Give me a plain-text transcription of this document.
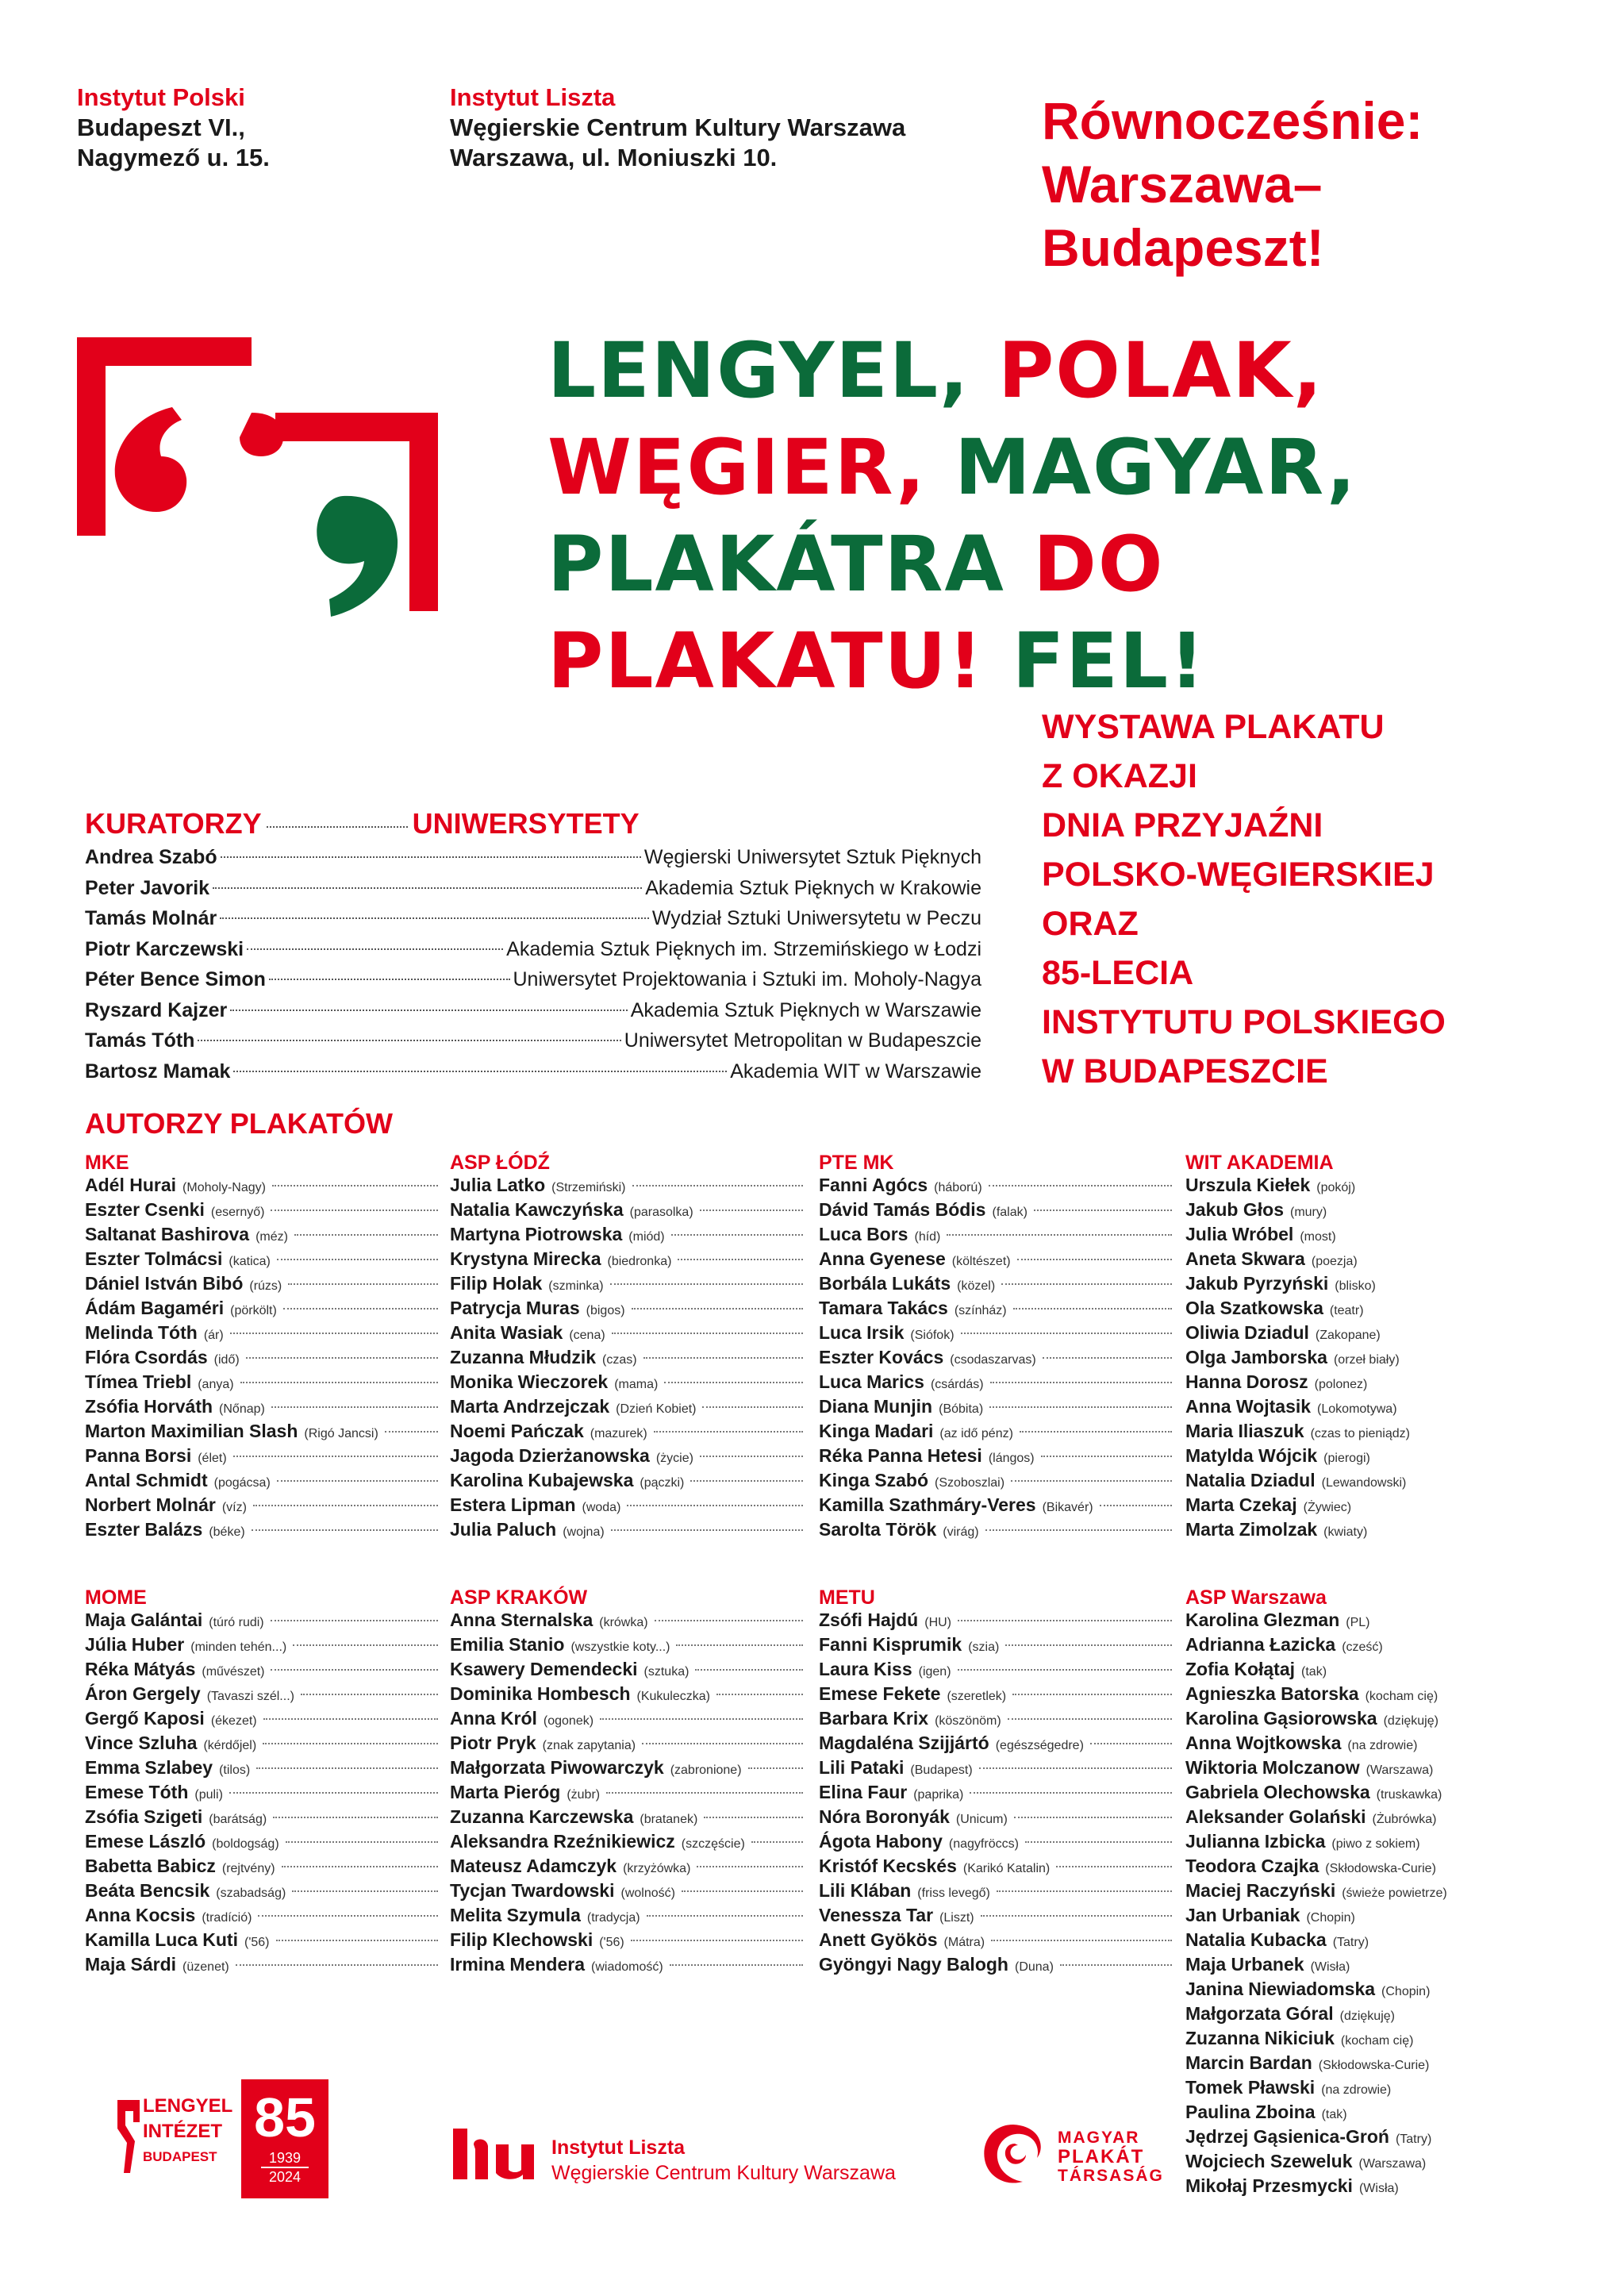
Instytut Polski
Budapeszt VI.,
Nagymező u. 15.
Instytut Liszta
Węgierskie Centrum Kultury Warszawa
Warszawa, ul. Moniuszki 10.
Równocześnie:
Warszawa–
Budapeszt!
LENGYEL, POLAK,
WĘGIER, MAGYAR,
PLAKÁTRA DO
PLAKATU! FEL!
WYSTAWA PLAKATU
Z OKAZJI
DNIA PRZYJAŹNI
POLSKO-WĘGIERSKIEJ
ORAZ
85-LECIA
INSTYTUTU POLSKIEGO
W BUDAPESZCIE
KURATORZY	UNIWERSYTETY
Andrea Szabó	Węgierski Uniwersytet Sztuk Pięknych
Peter Javorik	Akademia Sztuk Pięknych w Krakowie
Tamás Molnár	Wydział Sztuki Uniwersytetu w Peczu
Piotr Karczewski	Akademia Sztuk Pięknych im. Strzemińskiego w Łodzi
Péter Bence Simon	Uniwersytet Projektowania i Sztuki im. Moholy-Nagya
Ryszard Kajzer	Akademia Sztuk Pięknych w Warszawie
Tamás Tóth	Uniwersytet Metropolitan w Budapeszcie
Bartosz Mamak	Akademia WIT w Warszawie
AUTORZY PLAKATÓW
MKE
Adél Hurai (Moholy-Nagy)
Eszter Csenki (esernyő)
Saltanat Bashirova (méz)
Eszter Tolmácsi (katica)
Dániel István Bibó (rúzs)
Ádám Bagaméri (pörkölt)
Melinda Tóth (ár)
Flóra Csordás (idő)
Tímea Triebl (anya)
Zsófia Horváth (Nőnap)
Marton Maximilian Slash (Rigó Jancsi)
Panna Borsi (élet)
Antal Schmidt (pogácsa)
Norbert Molnár (víz)
Eszter Balázs (béke)
ASP ŁÓDŹ
Julia Latko (Strzemiński)
Natalia Kawczyńska (parasolka)
Martyna Piotrowska (miód)
Krystyna Mirecka (biedronka)
Filip Holak (szminka)
Patrycja Muras (bigos)
Anita Wasiak (cena)
Zuzanna Młudzik (czas)
Monika Wieczorek (mama)
Marta Andrzejczak (Dzień Kobiet)
Noemi Pańczak (mazurek)
Jagoda Dzierżanowska (życie)
Karolina Kubajewska (pączki)
Estera Lipman (woda)
Julia Paluch (wojna)
PTE MK
Fanni Agócs (háború)
Dávid Tamás Bódis (falak)
Luca Bors (híd)
Anna Gyenese (költészet)
Borbála Lukáts (közel)
Tamara Takács (színház)
Luca Irsik (Siófok)
Eszter Kovács (csodaszarvas)
Luca Marics (csárdás)
Diana Munjin (Bóbita)
Kinga Madari (az idő pénz)
Réka Panna Hetesi (lángos)
Kinga Szabó (Szoboszlai)
Kamilla Szathmáry-Veres (Bikavér)
Sarolta Török (virág)
WIT AKADEMIA
Urszula Kiełek (pokój)
Jakub Głos (mury)
Julia Wróbel (most)
Aneta Skwara (poezja)
Jakub Pyrzyński (blisko)
Ola Szatkowska (teatr)
Oliwia Dziadul (Zakopane)
Olga Jamborska (orzeł biały)
Hanna Dorosz (polonez)
Anna Wojtasik (Lokomotywa)
Maria Iliaszuk (czas to pieniądz)
Matylda Wójcik (pierogi)
Natalia Dziadul (Lewandowski)
Marta Czekaj (Żywiec)
Marta Zimolzak (kwiaty)
MOME
Maja Galántai (túró rudi)
Júlia Huber (minden tehén...)
Réka Mátyás (művészet)
Áron Gergely (Tavaszi szél...)
Gergő Kaposi (ékezet)
Vince Szluha (kérdőjel)
Emma Szlabey (tilos)
Emese Tóth (puli)
Zsófia Szigeti (barátság)
Emese László (boldogság)
Babetta Babicz (rejtvény)
Beáta Bencsik (szabadság)
Anna Kocsis (tradíció)
Kamilla Luca Kuti ('56)
Maja Sárdi (üzenet)
ASP KRAKÓW
Anna Sternalska (krówka)
Emilia Stanio (wszystkie koty...)
Ksawery Demendecki (sztuka)
Dominika Hombesch (Kukuleczka)
Anna Król (ogonek)
Piotr Pryk (znak zapytania)
Małgorzata Piwowarczyk (zabronione)
Marta Pieróg (żubr)
Zuzanna Karczewska (bratanek)
Aleksandra Rzeźnikiewicz (szczęście)
Mateusz Adamczyk (krzyżówka)
Tycjan Twardowski (wolność)
Melita Szymula (tradycja)
Filip Klechowski ('56)
Irmina Mendera (wiadomość)
METU
Zsófi Hajdú (HU)
Fanni Kisprumik (szia)
Laura Kiss (igen)
Emese Fekete (szeretlek)
Barbara Krix (köszönöm)
Magdaléna Szijjártó (egészségedre)
Lili Pataki (Budapest)
Elina Faur (paprika)
Nóra Boronyák (Unicum)
Ágota Habony (nagyfröccs)
Kristóf Kecskés (Karikó Katalin)
Lili Klában (friss levegő)
Venessza Tar (Liszt)
Anett Gyökös (Mátra)
Gyöngyi Nagy Balogh (Duna)
ASP Warszawa
Karolina Glezman (PL)
Adrianna Łazicka (cześć)
Zofia Kołątaj (tak)
Agnieszka Batorska (kocham cię)
Karolina Gąsiorowska (dziękuję)
Anna Wojtkowska (na zdrowie)
Wiktoria Molczanow (Warszawa)
Gabriela Olechowska (truskawka)
Aleksander Golański (Żubrówka)
Julianna Izbicka (piwo z sokiem)
Teodora Czajka (Skłodowska-Curie)
Maciej Raczyński (świeże powietrze)
Jan Urbaniak (Chopin)
Natalia Kubacka (Tatry)
Maja Urbanek (Wisła)
Janina Niewiadomska (Chopin)
Małgorzata Góral (dziękuję)
Zuzanna Nikiciuk (kocham cię)
Marcin Bardan (Skłodowska-Curie)
Tomek Pławski (na zdrowie)
Paulina Zboina (tak)
Jędrzej Gąsienica-Groń (Tatry)
Wojciech Szeweluk (Warszawa)
Mikołaj Przesmycki (Wisła)
LENGYEL
INTÉZET
BUDAPEST
85
1939
2024
Instytut Liszta
Węgierskie Centrum Kultury Warszawa
MAGYAR
PLAKÁT
TÁRSASÁG
